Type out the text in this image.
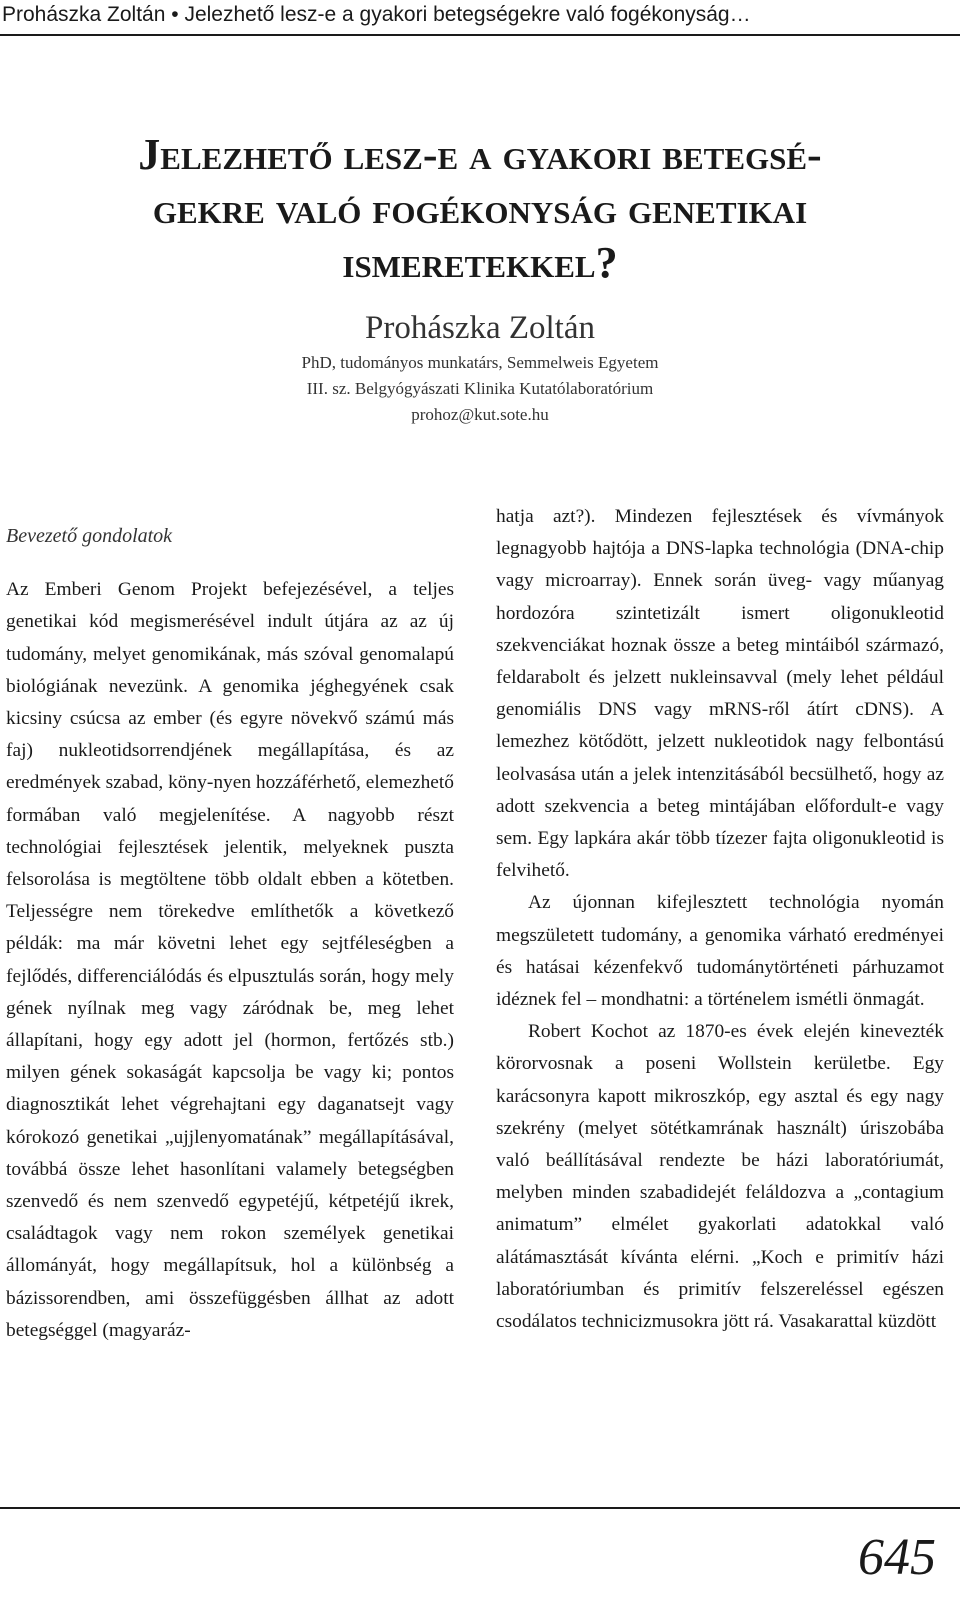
Prohászka Zoltán • Jelezhető lesz-e a gyakori betegségekre való fogékonyság…
Jelezhető lesz-e a gyakori betegsé-
gekre való fogékonyság genetikai
ismeretekkel?
Prohászka Zoltán
PhD, tudományos munkatárs, Semmelweis Egyetem
III. sz. Belgyógyászati Klinika Kutatólaboratórium
prohoz@kut.sote.hu

Bevezető gondolatok

Az Emberi Genom Projekt befejezésével, a teljes genetikai kód megismerésével indult útjára az az új tudomány, melyet genomikának, más szóval genomalapú biológiának nevezünk. A genomika jéghegyének csak kicsiny csúcsa az ember (és egyre növekvő számú más faj) nukleotidsorrendjének megállapítása, és az eredmények szabad, köny-nyen hozzáférhető, elemezhető formában való megjelenítése. A nagyobb részt technológiai fejlesztések jelentik, melyeknek puszta felsorolása is megtöltene több oldalt ebben a kötetben. Teljességre nem törekedve említhetők a következő példák: ma már követni lehet egy sejtféleségben a fejlődés, differenciálódás és elpusztulás során, hogy mely gének nyílnak meg vagy záródnak be, meg lehet állapítani, hogy egy adott jel (hormon, fertőzés stb.) milyen gének sokaságát kapcsolja be vagy ki; pontos diagnosztikát lehet végrehajtani egy daganatsejt vagy kórokozó genetikai „ujjlenyomatának” megállapításával, továbbá össze lehet hasonlítani valamely betegségben szenvedő és nem szenvedő egypetéjű, kétpetéjű ikrek, családtagok vagy nem rokon személyek genetikai állományát, hogy megállapítsuk, hol a különbség a bázissorendben, ami összefüggésben állhat az adott betegséggel (magyaráz-

hatja azt?). Mindezen fejlesztések és vívmányok legnagyobb hajtója a DNS-lapka technológia (DNA-chip vagy microarray). Ennek során üveg- vagy műanyag hordozóra szintetizált ismert oligonukleotid szekvenciákat hoznak össze a beteg mintáiból származó, feldarabolt és jelzett nukleinsavval (mely lehet például genomiális DNS vagy mRNS-ről átírt cDNS). A lemezhez kötődött, jelzett nukleotidok nagy felbontású leolvasása után a jelek intenzitásából becsülhető, hogy az adott szekvencia a beteg mintájában előfordult-e vagy sem. Egy lapkára akár több tízezer fajta oligonukleotid is felvihető.

Az újonnan kifejlesztett technológia nyomán megszületett tudomány, a genomika várható eredményei és hatásai kézenfekvő tudománytörténeti párhuzamot idéznek fel – mondhatni: a történelem ismétli önmagát.

Robert Kochot az 1870-es évek elején kinevezték körorvosnak a poseni Wollstein kerületbe. Egy karácsonyra kapott mikroszkóp, egy asztal és egy nagy szekrény (melyet sötétkamrának használt) úriszobába való beállításával rendezte be házi laboratóriumát, melyben minden szabadidejét feláldozva a „contagium animatum” elmélet gyakorlati adatokkal való alátámasztását kívánta elérni. „Koch e primitív házi laboratóriumban és primitív felszereléssel egészen csodálatos technicizmusokra jött rá. Vasakarattal küzdött

645
